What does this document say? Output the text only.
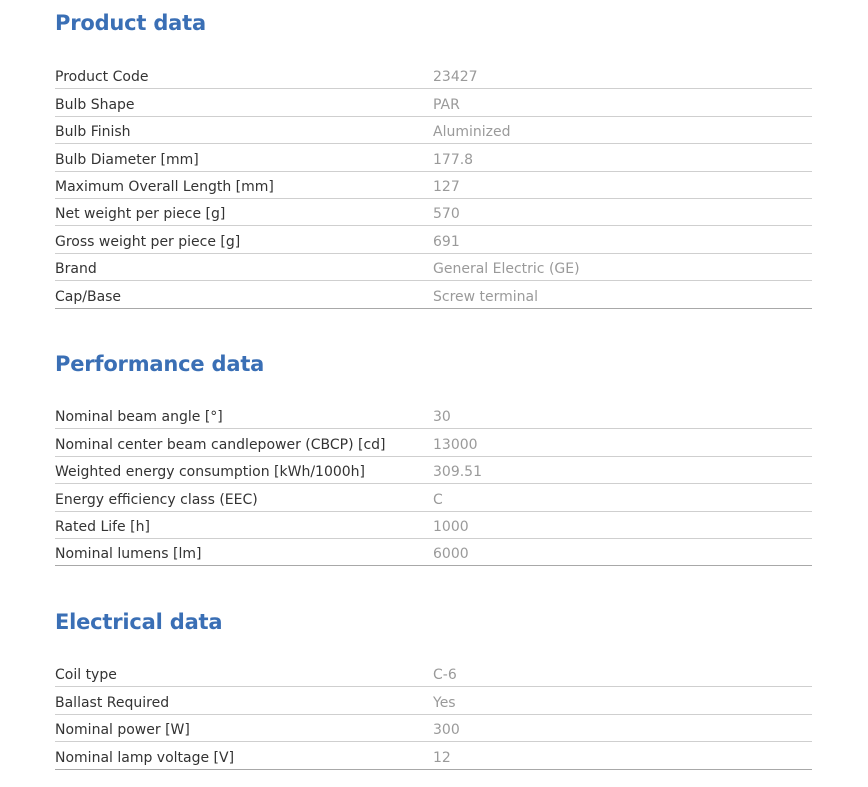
Product data
Product Code	23427
Bulb Shape	PAR
Bulb Finish	Aluminized
Bulb Diameter [mm]	177.8
Maximum Overall Length [mm]	127
Net weight per piece [g]	570
Gross weight per piece [g]	691
Brand	General Electric (GE)
Cap/Base	Screw terminal
Performance data
Nominal beam angle [°]	30
Nominal center beam candlepower (CBCP) [cd]	13000
Weighted energy consumption [kWh/1000h]	309.51
Energy efficiency class (EEC)	C
Rated Life [h]	1000
Nominal lumens [lm]	6000
Electrical data
Coil type	C-6
Ballast Required	Yes
Nominal power [W]	300
Nominal lamp voltage [V]	12
